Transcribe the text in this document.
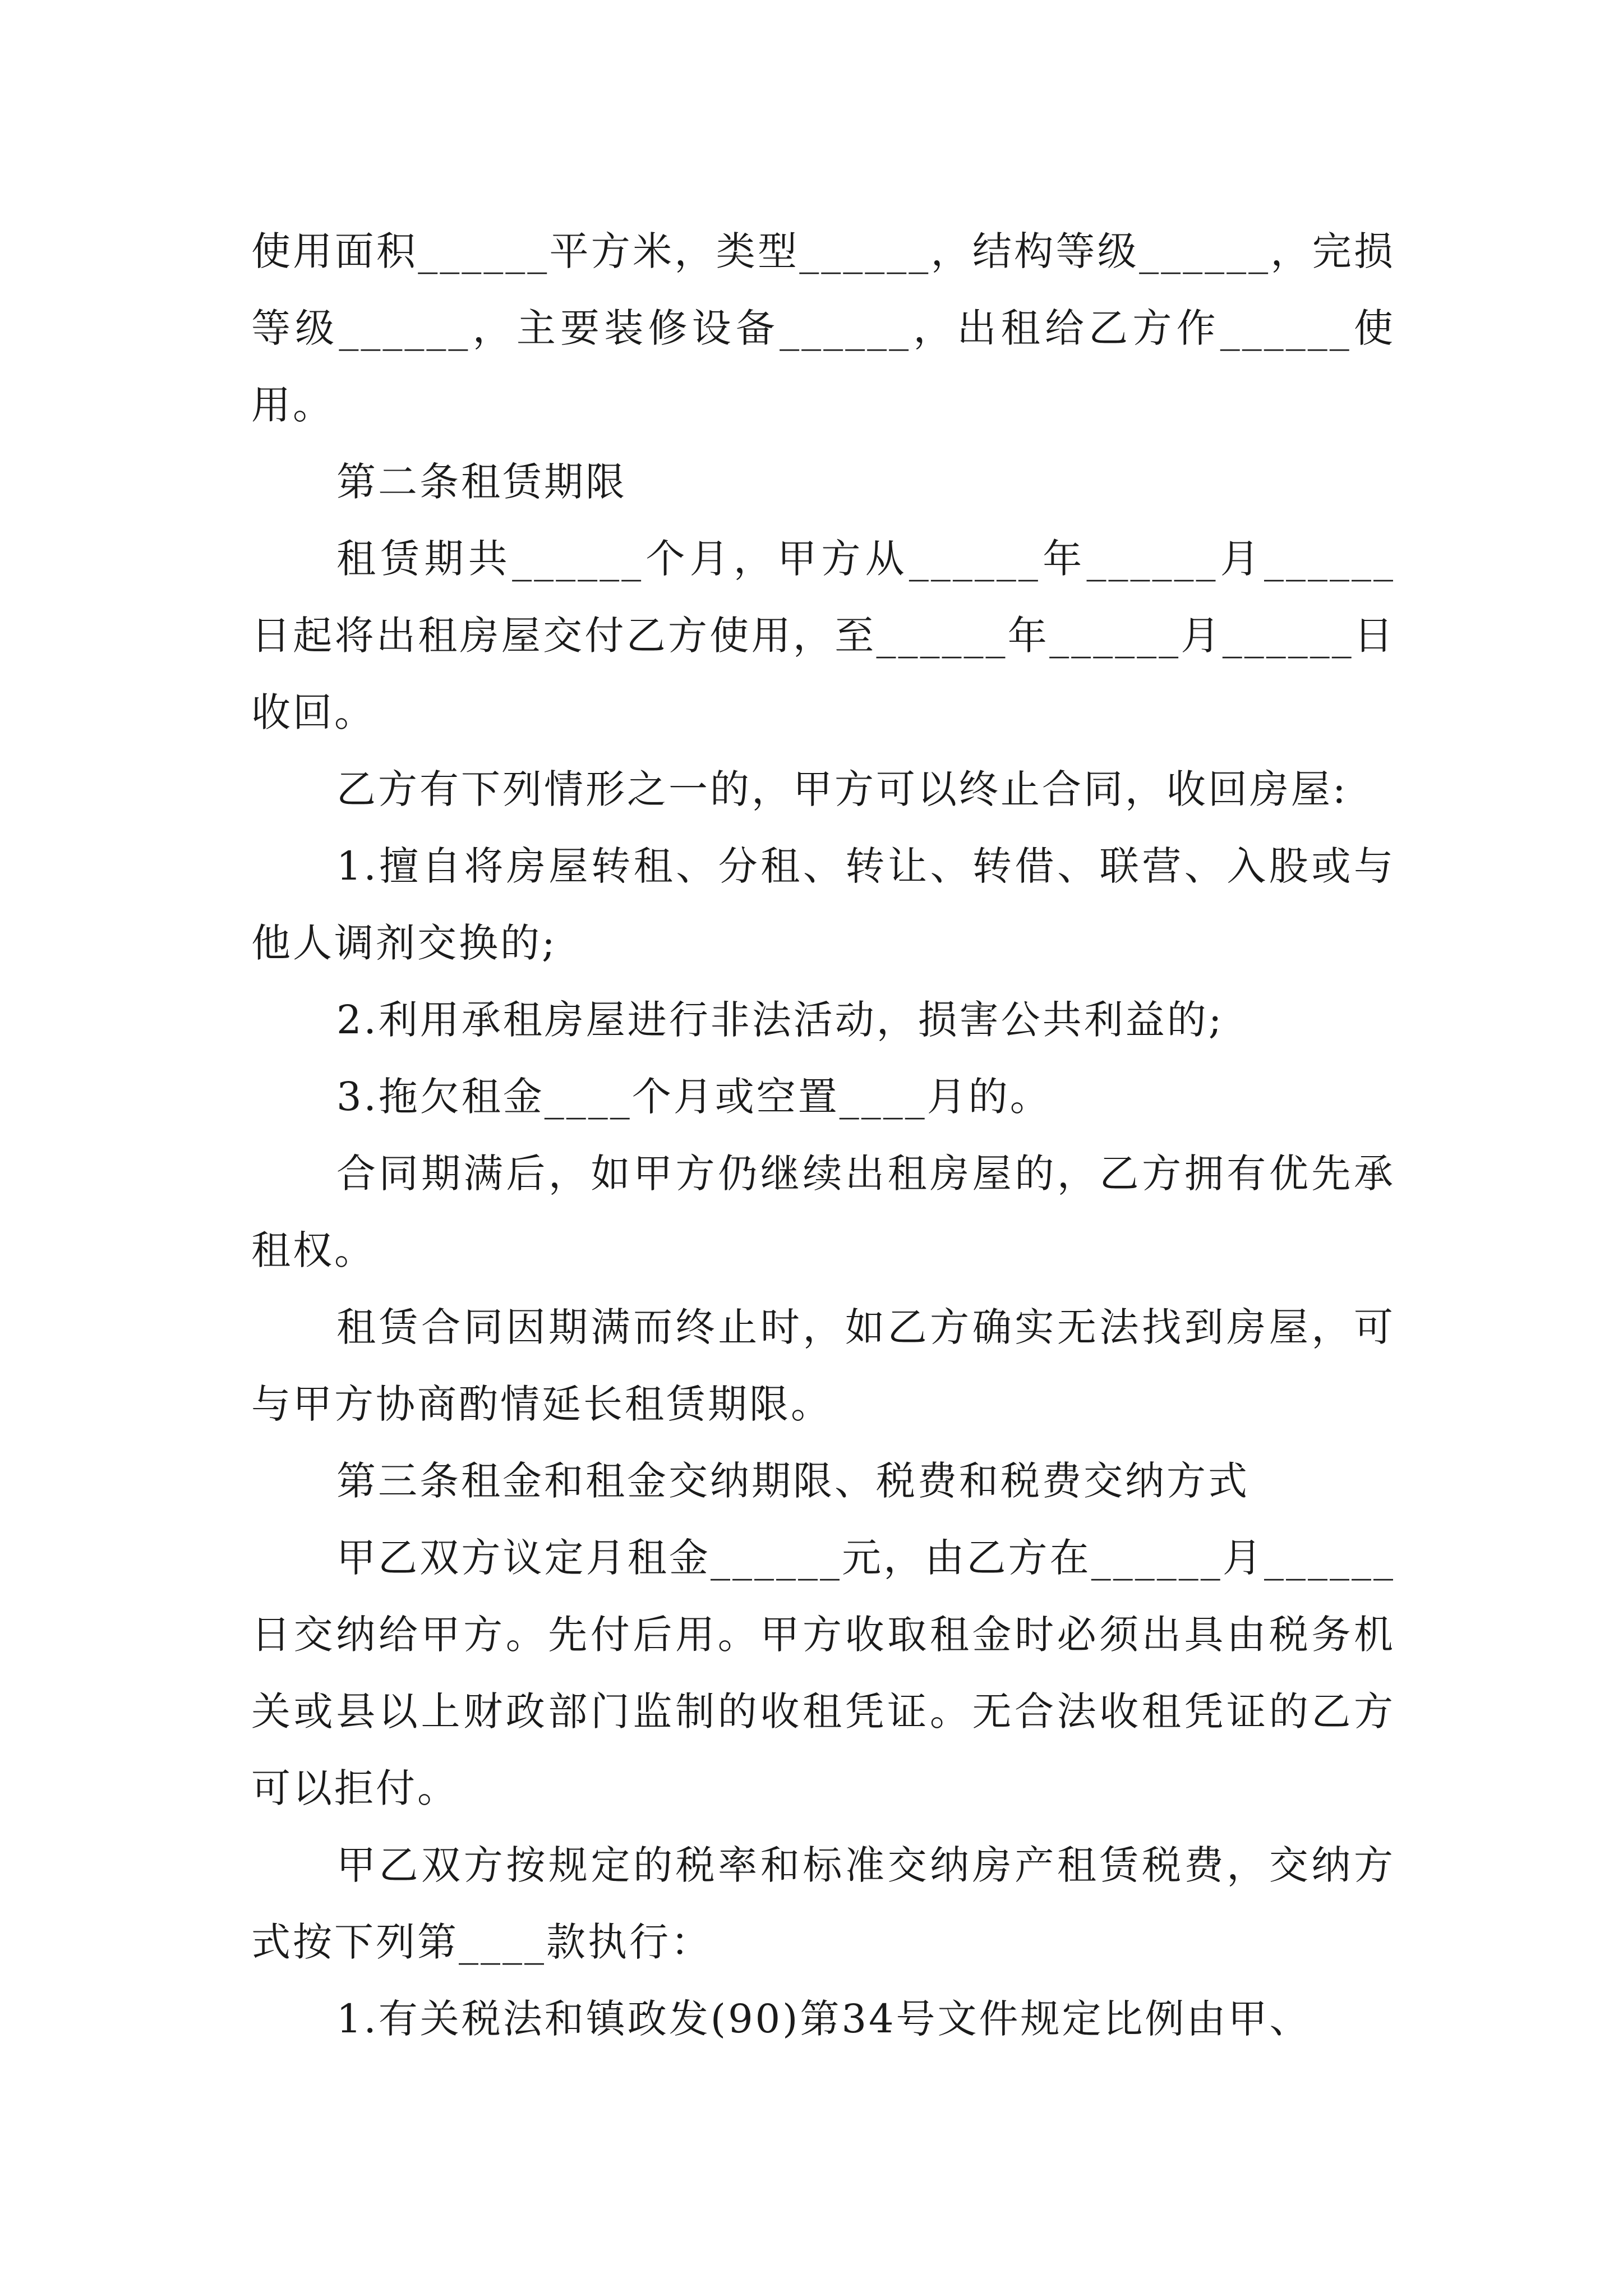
使用面积______平方米，类型______，结构等级______，完损等级______，主要装修设备______，出租给乙方作______使用。

第二条租赁期限

租赁期共______个月，甲方从______年______月______日起将出租房屋交付乙方使用，至______年______月______日收回。

乙方有下列情形之一的，甲方可以终止合同，收回房屋:

1.擅自将房屋转租、分租、转让、转借、联营、入股或与他人调剂交换的;

2.利用承租房屋进行非法活动，损害公共利益的;

3.拖欠租金____个月或空置____月的。

合同期满后，如甲方仍继续出租房屋的，乙方拥有优先承租权。

租赁合同因期满而终止时，如乙方确实无法找到房屋，可与甲方协商酌情延长租赁期限。

第三条租金和租金交纳期限、税费和税费交纳方式

甲乙双方议定月租金______元，由乙方在______月______日交纳给甲方。先付后用。甲方收取租金时必须出具由税务机关或县以上财政部门监制的收租凭证。无合法收租凭证的乙方可以拒付。

甲乙双方按规定的税率和标准交纳房产租赁税费，交纳方式按下列第____款执行：

1.有关税法和镇政发(90)第34号文件规定比例由甲、
